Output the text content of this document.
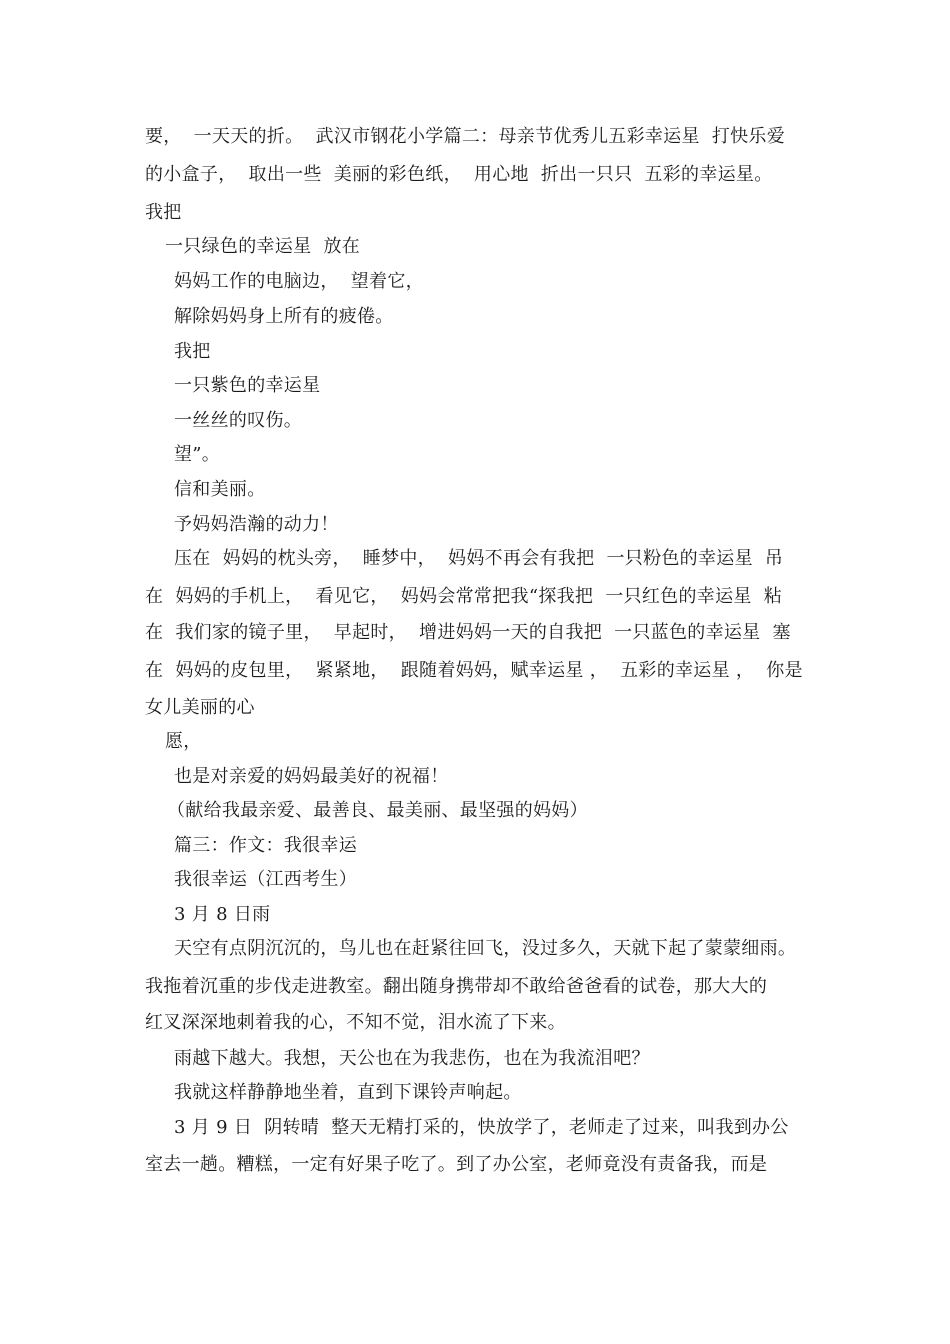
要，  一天天的折。  武汉市钢花小学篇二：母亲节优秀儿五彩幸运星  打快乐爱
的小盒子，  取出一些  美丽的彩色纸，  用心地  折出一只只  五彩的幸运星。
我把
一只绿色的幸运星  放在
妈妈工作的电脑边，  望着它，
解除妈妈身上所有的疲倦。
我把
一只紫色的幸运星
一丝丝的叹伤。
望”。
信和美丽。
予妈妈浩瀚的动力！
压在  妈妈的枕头旁，  睡梦中，  妈妈不再会有我把  一只粉色的幸运星  吊
在  妈妈的手机上，  看见它，  妈妈会常常把我“探我把  一只红色的幸运星  粘
在  我们家的镜子里，  早起时，  增进妈妈一天的自我把  一只蓝色的幸运星  塞
在  妈妈的皮包里，  紧紧地，  跟随着妈妈，赋幸运星 ，  五彩的幸运星 ，  你是
女儿美丽的心
愿，
也是对亲爱的妈妈最美好的祝福！
（献给我最亲爱、最善良、最美丽、最坚强的妈妈）
篇三：作文：我很幸运
我很幸运（江西考生）
3 月 8 日雨
天空有点阴沉沉的，鸟儿也在赶紧往回飞，没过多久，天就下起了蒙蒙细雨。
我拖着沉重的步伐走进教室。翻出随身携带却不敢给爸爸看的试卷，那大大的
红叉深深地刺着我的心，不知不觉，泪水流了下来。
雨越下越大。我想，天公也在为我悲伤，也在为我流泪吧？
我就这样静静地坐着，直到下课铃声响起。
3 月 9 日  阴转晴  整天无精打采的，快放学了，老师走了过来，叫我到办公
室去一趟。糟糕，一定有好果子吃了。到了办公室，老师竟没有责备我，而是
